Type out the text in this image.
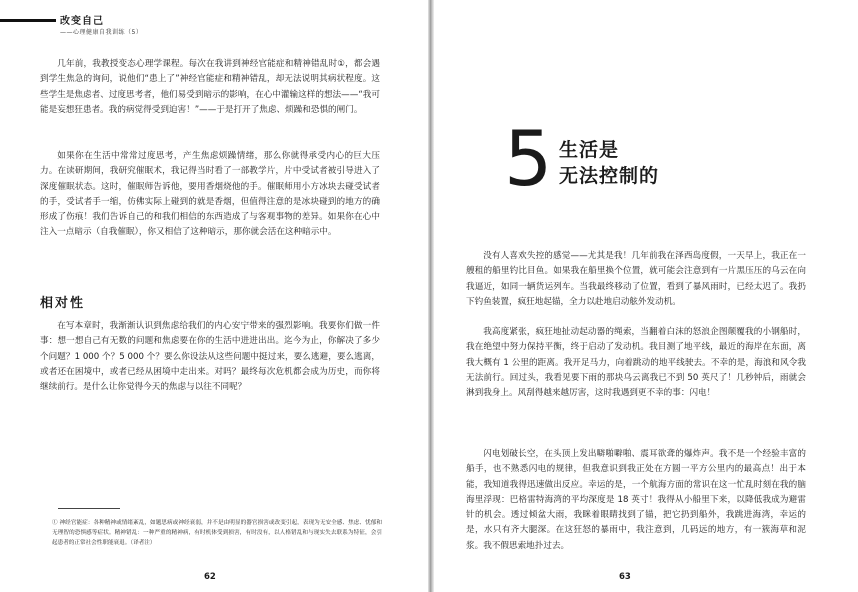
改变自己
——心理健康自我训练（5）

几年前，我教授变态心理学课程。每次在我讲到神经官能症和精神错乱时①，都会遇到学生焦急的询问，说他们“患上了”神经官能症和精神错乱，却无法说明其病状程度。这些学生是焦虑者、过度思考者，他们易受到暗示的影响，在心中灌输这样的想法——“我可能是妄想狂患者。我的病觉得受到迫害！”——于是打开了焦虑、烦躁和恐惧的闸门。

如果你在生活中常常过度思考，产生焦虑烦躁情绪，那么你就得承受内心的巨大压力。在读研期间，我研究催眠术，我记得当时看了一部教学片，片中受试者被引导进入了深度催眠状态。这时，催眠师告诉他，要用香烟烧他的手。催眠师用小方冰块去碰受试者的手，受试者手一缩，仿佛实际上碰到的就是香烟，但值得注意的是冰块碰到的地方的确形成了伤痕！我们告诉自己的和我们相信的东西造成了与客观事物的差异。如果你在心中注入一点暗示（自我催眠），你又相信了这种暗示，那你就会活在这种暗示中。

相对性

在写本章时，我渐渐认识到焦虑给我们的内心安宁带来的强烈影响。我要你们做一件事：想一想自己有无数的问题和焦虑要在你的生活中进进出出。迄今为止，你解决了多少个问题？1 000 个？5 000 个？要么你设法从这些问题中挺过来，要么逃避，要么逃离，或者还在困境中，或者已经从困境中走出来。对吗？最终每次危机都会成为历史，而你将继续前行。是什么让你觉得今天的焦虑与以往不同呢？

① 神经官能症：各种精神或情绪紊乱，如题思病或神经衰弱，并不是由明显的器官损害或改变引起，表现为无安全感、焦虑、忧郁和无理智的恐惧感等症状。精神错乱：一种严重的精神病，有时机体受到损害，有时没有，以人格错乱和与现实失去联系为特征，会引起患者的正常社会性职能衰退。（译者注）

62
5 生活是
无法控制的

没有人喜欢失控的感觉——尤其是我！几年前我在泽西岛度假，一天早上，我正在一艘租的船里钓比目鱼。如果我在船里换个位置，就可能会注意到有一片黑压压的乌云在向我逼近，如同一辆货运列车。当我最终移动了位置，看到了暴风雨时，已经太迟了。我扔下钓鱼装置，疯狂地起锚，全力以赴地启动舷外发动机。

我高度紧张，疯狂地扯动起动器的绳索，当翻着白沫的怒浪企图颠覆我的小钢船时，我在绝望中努力保持平衡，终于启动了发动机。我目测了地平线，最近的海岸在东面，离我大概有 1 公里的距离。我开足马力，向着跳动的地平线驶去。不幸的是，海浪和风令我无法前行。回过头，我看见要下雨的那块乌云离我已不到 50 英尺了！几秒钟后，雨就会淋到我身上。风刮得越来越厉害，这时我遇到更不幸的事：闪电！

闪电划破长空，在头顶上发出噼啪噼啪、震耳欲聋的爆炸声。我不是一个经验丰富的船手，也不熟悉闪电的规律，但我意识到我正处在方圆一平方公里内的最高点！出于本能，我知道我得迅速做出反应。幸运的是，一个航海方面的常识在这一忙乱时刻在我的脑海里浮现：巴格雷特海湾的平均深度是 18 英寸！我得从小船里下来，以降低我成为避雷针的机会。透过倾盆大雨，我眯着眼睛找到了锚，把它扔到船外，我跳进海湾，幸运的是，水只有齐大腿深。在这狂怒的暴雨中，我注意到，几码远的地方，有一簇海草和泥浆。我不假思索地扑过去。

63
